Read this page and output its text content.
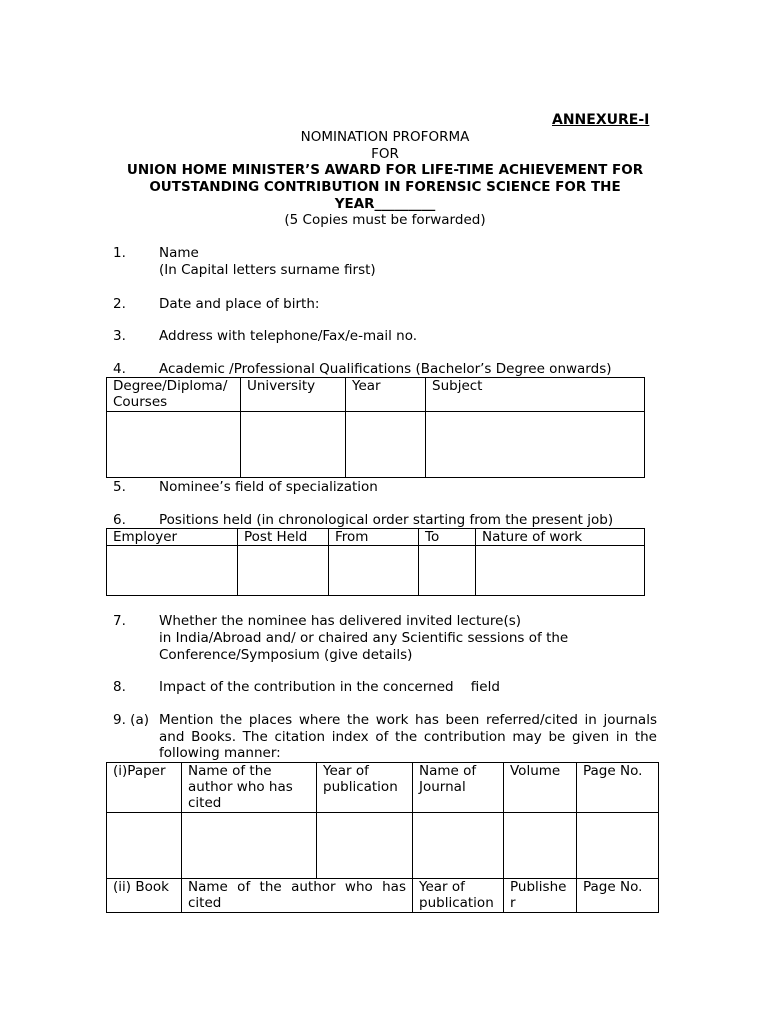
ANNEXURE-I
NOMINATION PROFORMA
FOR
UNION HOME MINISTER’S AWARD FOR LIFE-TIME ACHIEVEMENT FOR
OUTSTANDING CONTRIBUTION IN FORENSIC SCIENCE FOR THE
YEAR_________
(5 Copies must be forwarded)
1. Name
(In Capital letters surname first)
2. Date and place of birth:
3. Address with telephone/Fax/e-mail no.
4. Academic /Professional Qualifications (Bachelor’s Degree onwards)
Degree/Diploma/ Courses	University	Year	Subject

5. Nominee’s field of specialization
6. Positions held (in chronological order starting from the present job)
Employer	Post Held	From	To	Nature of work

7. Whether the nominee has delivered invited lecture(s)
in India/Abroad and/ or chaired any Scientific sessions of the
Conference/Symposium (give details)
8. Impact of the contribution in the concerned    field
9. (a) Mention the places where the work has been referred/cited in journals and Books. The citation index of the contribution may be given in the following manner:
(i)Paper	Name of the author who has cited	Year of publication	Name of Journal	Volume	Page No.

(ii) Book	Name of the author who has cited		Year of publication	Publisher	Page No.
